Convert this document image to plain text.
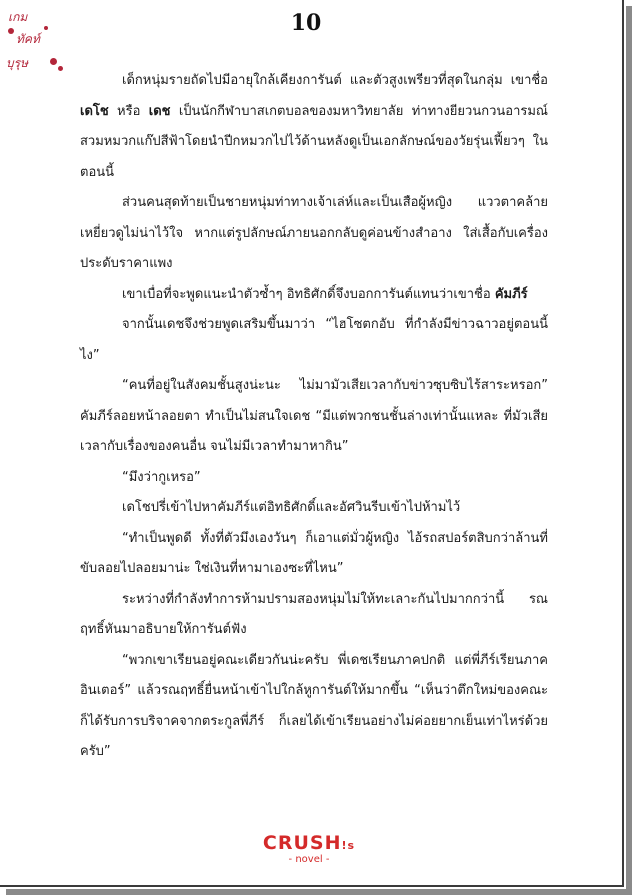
เกม
ทัคท์
บุรุษ
10

เด็กหนุ่มรายถัดไปมีอายุใกล้เคียงการันต์ และตัวสูงเพรียวที่สุดในกลุ่ม เขาชื่อ เดโช หรือ เดช เป็นนักกีฬาบาสเกตบอลของมหาวิทยาลัย ท่าทางยียวนกวนอารมณ์ สวมหมวกแก๊ปสีฟ้าโดยนำปีกหมวกไปไว้ด้านหลังดูเป็นเอกลักษณ์ของวัยรุ่นเฟี้ยวๆ ในตอนนี้

ส่วนคนสุดท้ายเป็นชายหนุ่มท่าทางเจ้าเล่ห์และเป็นเสือผู้หญิง แววตาคล้ายเหยี่ยวดูไม่น่าไว้ใจ หากแต่รูปลักษณ์ภายนอกกลับดูค่อนข้างสำอาง ใส่เสื้อกับเครื่องประดับราคาแพง

เขาเบื่อที่จะพูดแนะนำตัวซ้ำๆ อิทธิศักดิ์จึงบอกการันต์แทนว่าเขาชื่อ คัมภีร์

จากนั้นเดชจึงช่วยพูดเสริมขึ้นมาว่า “ไฮโซตกอับ ที่กำลังมีข่าวฉาวอยู่ตอนนี้ไง”

“คนที่อยู่ในสังคมชั้นสูงน่ะนะ ไม่มามัวเสียเวลากับข่าวซุบซิบไร้สาระหรอก” คัมภีร์ลอยหน้าลอยตา ทำเป็นไม่สนใจเดช “มีแต่พวกชนชั้นล่างเท่านั้นแหละ ที่มัวเสียเวลากับเรื่องของคนอื่น จนไม่มีเวลาทำมาหากิน”

“มึงว่ากูเหรอ”

เดโชปรี่เข้าไปหาคัมภีร์แต่อิทธิศักดิ์และอัศวินรีบเข้าไปห้ามไว้

“ทำเป็นพูดดี ทั้งที่ตัวมึงเองวันๆ ก็เอาแต่มั่วผู้หญิง ไอ้รถสปอร์ตสิบกว่าล้านที่ขับลอยไปลอยมาน่ะ ใช่เงินที่หามาเองซะที่ไหน”

ระหว่างที่กำลังทำการห้ามปรามสองหนุ่มไม่ให้ทะเลาะกันไปมากกว่านี้ รณฤทธิ์หันมาอธิบายให้การันต์ฟัง

“พวกเขาเรียนอยู่คณะเดียวกันน่ะครับ พี่เดชเรียนภาคปกติ แต่พี่ภีร์เรียนภาคอินเตอร์” แล้วรณฤทธิ์ยื่นหน้าเข้าไปใกล้หูการันต์ให้มากขึ้น “เห็นว่าตึกใหม่ของคณะก็ได้รับการบริจาคจากตระกูลพี่ภีร์ ก็เลยได้เข้าเรียนอย่างไม่ค่อยยากเย็นเท่าไหร่ด้วยครับ”

CRUSH!s
- novel -
